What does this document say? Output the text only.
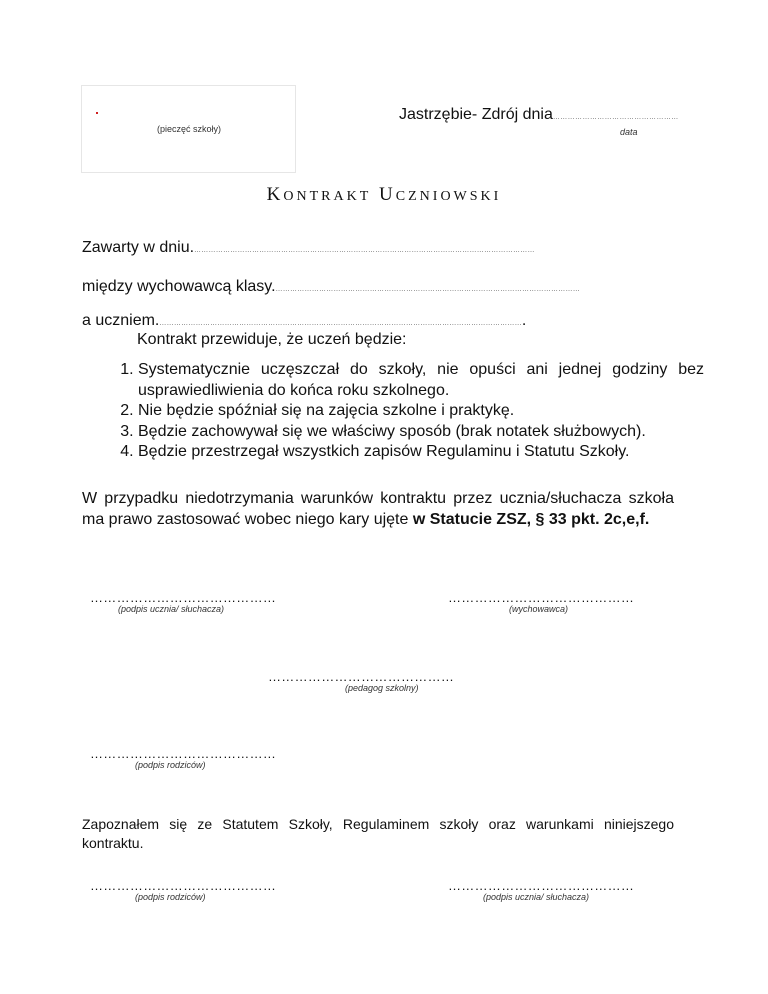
(pieczęć szkoły)
Jastrzębie- Zdrój dnia……………………………………………
data
KONTRAKT UCZNIOWSKI
Zawarty w dniu.……………………………………………………………………………………………………………………………
między wychowawcą klasy.………………………………………………………………………………………………………………
a uczniem.…………………………………………………………………………………………………………………………………….
Kontrakt przewiduje, że uczeń będzie:
1. Systematycznie uczęszczał do szkoły, nie opuści ani jednej godziny bez usprawiedliwienia do końca roku szkolnego.
2. Nie będzie spóźniał się na zajęcia szkolne i praktykę.
3. Będzie zachowywał się we właściwy sposób (brak notatek służbowych).
4. Będzie przestrzegał wszystkich zapisów Regulaminu i Statutu Szkoły.
W przypadku niedotrzymania warunków kontraktu przez ucznia/słuchacza szkoła ma prawo zastosować wobec niego kary ujęte w Statucie ZSZ, § 33 pkt. 2c,e,f.
……………………………………
(podpis ucznia/ słuchacza)
……………………………………
(wychowawca)
……………………………………
(pedagog szkolny)
……………………………………
(podpis rodziców)
Zapoznałem się ze Statutem Szkoły, Regulaminem szkoły oraz warunkami niniejszego kontraktu.
……………………………………
(podpis rodziców)
……………………………………
(podpis ucznia/ słuchacza)
